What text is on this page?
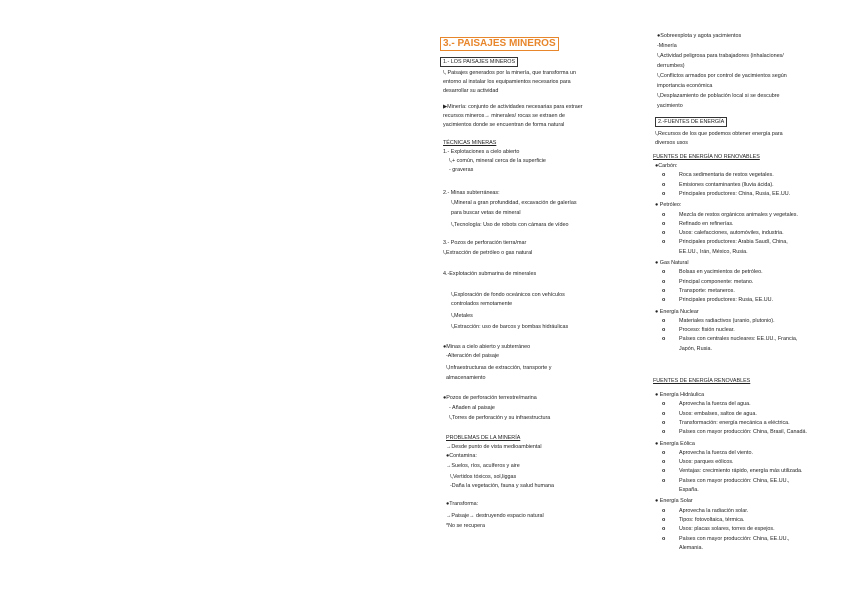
3.- PAISAJES MINEROS
1.- LOS PAISAJES MINEROS
\, Paisajes generados por la minería, que transforma un
entorno al instalar los equipamientos necesarios para
desarrollar su actividad
▶Minería: conjunto de actividades necesarias para extraer
recursos mineros→ minerales/ rocas se extraen de
yacimientos donde se encuentran de forma natural
TÉCNICAS MINERAS
1.- Explotaciones a cielo abierto
\,+ común, mineral cerca de la superficie
- graveras
2.- Minas subterráneas:
\,Mineral a gran profundidad, excavación de galerías
para buscar vetas de mineral
\,Tecnología: Uso de robots con cámara de vídeo
3.- Pozos de perforación tierra/mar
\,Extracción de petróleo o gas natural
4.-Explotación submarina de minerales
\,Exploración de fondo oceánicos con vehículos
controlados remotamente
\,Metales
\,Extracción: uso de barcos y bombas hidráulicas
●Minas a cielo abierto y subterráneo
-Alteración del paisaje
\,Infraestructuras de extracción, transporte y
almacenamiento
●Pozos de perforación terrestre/marina
- Añaden al paisaje
\,Torres de perforación y su infraestructura
PROBLEMAS DE LA MINERÍA
→Desde punto de vista medioambiental
●Contamina:
→Suelos, ríos, acuíferos y aire
\,Vertidos tóxicos, sol,liggas
-Daña la vegetación, fauna y salud humana
●Transforma:
→Paisaje→ destruyendo espacio natural
*No se recupera
●Sobreexplota y agota yacimientos
-Minería
\,Actividad peligrosa para trabajadores (inhalaciones/
derrumbes)
\,Conflictos armados por control de yacimientos según
importancia económica
\,Desplazamiento de población local si se descubre
yacimiento
2.-FUENTES DE ENERGÍA
\,Recursos de los que podemos obtener energía para
diversos usos
FUENTES DE ENERGÍA NO RENOVABLES
●Carbón:
o	Roca sedimentaria de restos vegetales.
o	Emisiones contaminantes (lluvia ácida).
o	Principales productores: China, Rusia, EE.UU.
● Petróleo:
o	Mezcla de restos orgánicos animales y vegetales.
o	Refinado en refinerías.
o	Usos: calefacciones, automóviles, industria.
o	Principales productores: Arabia Saudí, China,
EE.UU., Irán, México, Rusia.
● Gas Natural
o	Bolsas en yacimientos de petróleo.
o	Principal componente: metano.
o	Transporte: metaneros.
o	Principales productores: Rusia, EE.UU.
● Energía Nuclear
o	Materiales radiactivos (uranio, plutonio).
o	Proceso: fisión nuclear.
o	Países con centrales nucleares: EE.UU., Francia,
Japón, Rusia.
FUENTES DE ENERGÍA RENOVABLES
● Energía Hidráulica
o	Aprovecha la fuerza del agua.
o	Usos: embalses, saltos de agua.
o	Transformación: energía mecánica a eléctrica.
o	Países con mayor producción: China, Brasil, Canadá.
● Energía Eólica
o	Aprovecha la fuerza del viento.
o	Usos: parques eólicos.
o	Ventajas: crecimiento rápido, energía más utilizada.
o	Países con mayor producción: China, EE.UU.,
España.
● Energía Solar
o	Aprovecha la radiación solar.
o	Tipos: fotovoltaica, térmica.
o	Usos: placas solares, torres de espejos.
o	Países con mayor producción: China, EE.UU.,
Alemania.
